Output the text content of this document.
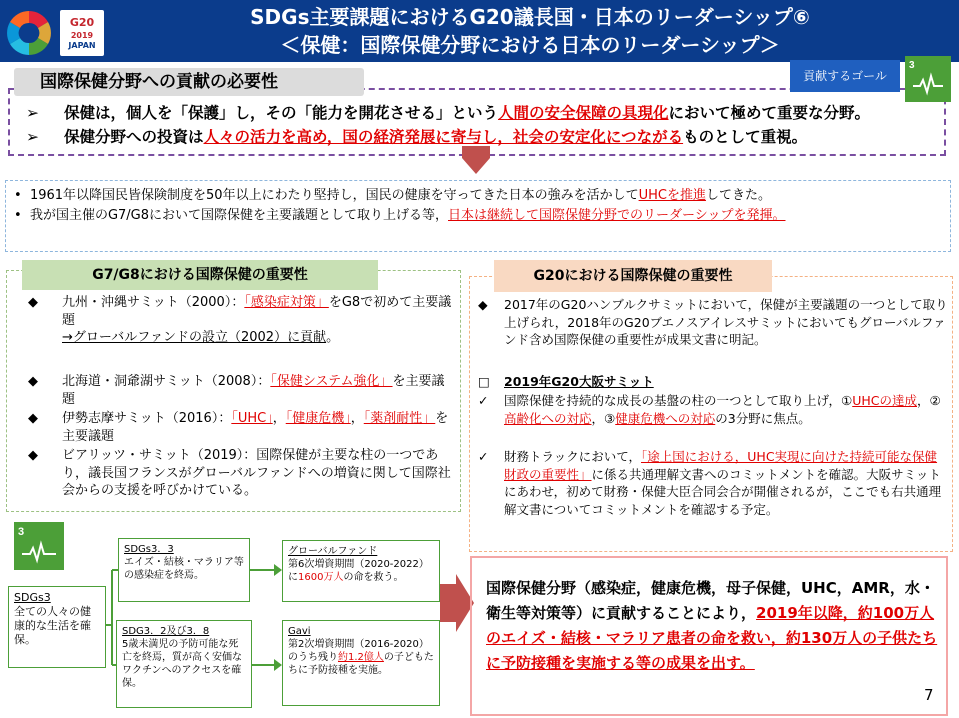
G20
2019
JAPAN
SDGs主要課題におけるG20議長国・日本のリーダーシップ⑥
＜保健：国際保健分野における日本のリーダーシップ＞
国際保健分野への貢献の必要性	貢献するゴール
3
➢ 保健は，個人を「保護」し，その「能力を開花させる」という人間の安全保障の具現化において極めて重要な分野。
➢ 保健分野への投資は人々の活力を高め，国の経済発展に寄与し，社会の安定化につながるものとして重視。
• 1961年以降国民皆保険制度を50年以上にわたり堅持し，国民の健康を守ってきた日本の強みを活かしてUHCを推進してきた。
• 我が国主催のG7/G8において国際保健を主要議題として取り上げる等，日本は継続して国際保健分野でのリーダーシップを発揮。
G7/G8における国際保健の重要性
◆ 九州・沖縄サミット（2000）：「感染症対策」をG8で初めて主要議題
→グローバルファンドの設立（2002）に貢献。
◆ 北海道・洞爺湖サミット（2008）：「保健システム強化」を主要議題
◆ 伊勢志摩サミット（2016）：「UHC」，「健康危機」，「薬剤耐性」を主要議題
◆ ビアリッツ・サミット（2019）：国際保健が主要な柱の一つであり，議長国フランスがグローバルファンドへの増資に関して国際社会からの支援を呼びかけている。
G20における国際保健の重要性
◆ 2017年のG20ハンブルクサミットにおいて，保健が主要議題の一つとして取り上げられ，2018年のG20ブエノスアイレスサミットにおいてもグローバルファンド含め国際保健の重要性が成果文書に明記。
□ 2019年G20大阪サミット
✓ 国際保健を持続的な成長の基盤の柱の一つとして取り上げ，①UHCの達成，②高齢化への対応，③健康危機への対応の3分野に焦点。
✓ 財務トラックにおいて，「途上国における，UHC実現に向けた持続可能な保健財政の重要性」に係る共通理解文書へのコミットメントを確認。大阪サミットにあわせ，初めて財務・保健大臣合同会合が開催されるが，ここでも右共通理解文書についてコミットメントを確認する予定。
3
SDGs3
全ての人々の健康的な生活を確保。
SDGs3．3
エイズ・結核・マラリア等の感染症を終焉。
グローバルファンド
第6次増資期間（2020-2022）に1600万人の命を救う。
SDG3．2及び3．8
5歳未満児の予防可能な死亡を終焉，質が高く安価なワクチンへのアクセスを確保。
Gavi
第2次増資期間（2016-2020）のうち残り約1.2億人の子どもたちに予防接種を実施。
国際保健分野（感染症，健康危機，母子保健，UHC，AMR，水・衛生等対策等）に貢献することにより，2019年以降，約100万人のエイズ・結核・マラリア患者の命を救い，約130万人の子供たちに予防接種を実施する等の成果を出す。
7
